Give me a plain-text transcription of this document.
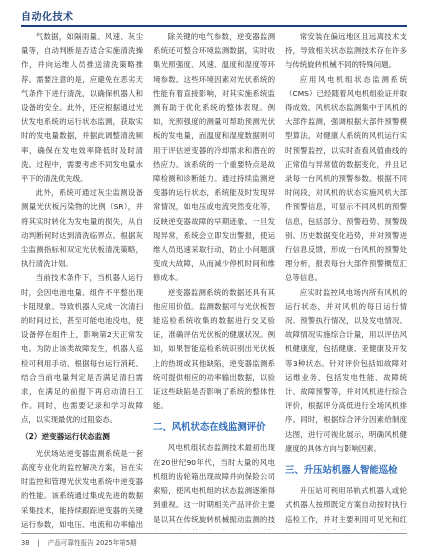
自动化技术

气数据，如隔雨量、风速、灰尘量等，自动判断是否适合实施清洗操作，并向运维人员推送清洗策略推荐。需要注意的是，应避免在恶劣天气条件下进行清洗，以确保机器人和设备的安全。此外，还应根据通过光伏发电系统的运行状态监测，获取实时的发电量数据，并据此调整清洗频率，确保在发电效率降低时及时清洗。过程中，需要考虑不同发电量水平下的清洗优先级。

此外，系统可通过灰尘监测设备测量光伏板污染物的比例（SR），并将其实时转化为发电量的损失，从自动判断何时达到清洗临界点。根据灰尘监测指标和双定光伏板清洗策略，执行清洗计划。

当前技术条件下，当机器人运行时，会因电池电量、组件不平整出现卡阻现象。导致机器人完成一次清扫的时间过长，甚至可能电池没电，使设备停在组件上，影响第2天正常发电。为防止该类故障发生，机器人巡检可利用手动、根据每台运行消耗、结合当前电量判定是否满足清扫需求，在满足的前提下再启动清扫工作。同时，也需要记录和学习故障点，以实现最优的过阻姿态。

（2）逆变器运行状态监测

光伏场站逆变器监测系统是一套高度专业化的监控解决方案，旨在实时监控和管理光伏发电系统中逆变器的性能。该系统通过集成先进的数据采集技术，能持续跟踪逆变器的关键运行参数，如电压、电流和功率输出

除关键的电气参数，逆变器监测系统还可整合环境监测数据，实时收集光照强度、风速、温度和湿度等环境参数。这些环境因素对光伏系统的性能有着直接影响，对其实施系统监测有助于优化系统的整体表现。例如，光照强度的测量可帮助预测光伏板的发电量，而温度和湿度数据则可用于评估逆变器的冷却需求和潜在的热应力。该系统的一个重要特点是故障检测和诊断能力。通过持续监测逆变器的运行状态，系统能及时发现异常情况，如电压或电流突然变化等，反映逆变器故障的早期迹象。一旦发现异常，系统会立即发出警报，使运维人员迅速采取行动，防止小问题演变成大故障，从而减少停机时间和维修成本。

逆变器监测系统的数据还具有其他应用价值。监测数据可与光伏板智能巡检系统收集的数据进行交叉验证，准确评估光伏板的健康状况。例如，如果智能巡检系统识别出光伏板上的热斑或其他缺陷，逆变器监测系统可提供相应的功率输出数据，以验证这些缺陷是否影响了系统的整体性能。

二、风机状态在线监测评价

风电机组状态监测技术最初出现在20世纪90年代，当时大量的风电机组的齿轮箱出现故障并向保险公司索赔，使风电机组的状态监测逐渐得到重视。这一时期相关产品评价主要是以其在传统旋转机械振动监测的技

常安装在偏远地区且远离技术支持，导致相关状态监测技术存在许多与传统旋转机械不同的特殊问题。

应用风电机组状态监测系统（CMS）已经随着风电机组验证并取得成效。风机状态监测集中于风机的大部件监测，强调根据大部件预警模型算法，对健康人系统的风机运行实时预警监控，以实时查看风值曲线的正常值与异常值的数据变化，并且记录每一台风机的预警参数。根据不同时间段，对风机的状态实施风机大部件预警信息，可显示不同风机的预警信息，包括部分、预警趋势、预警级别、历史数据变化趋势，并对预警进行信息反馈，形成一台风机的预警处理分析，报表每台大部件预警概览汇总等信息。

应实时监控风电场内所有风机的运行状态，并对风机的每日运行情况、预警执行情况，以及发电情况、故障情况实施综合计量，用以评估风机健康度，包括健康、亚健康及开发等3种状态。针对评价包括如故障对运维业务、包括发电性能、故障统计、故障预警等，并对风机进行综合评价，根据评分高低进行全场风机排序。同时，根据综合评分因素给制度达图，进行可视化展示，明确风机健康度的具体方向与影响因素。

三、升压站机器人智能巡检

升压站可利用吊轨式机器人或轮式机器人按照既定方案自动按时执行巡检工作，并对主要利用可见光和红

38 | 产品可靠性报告 2025年第5期
